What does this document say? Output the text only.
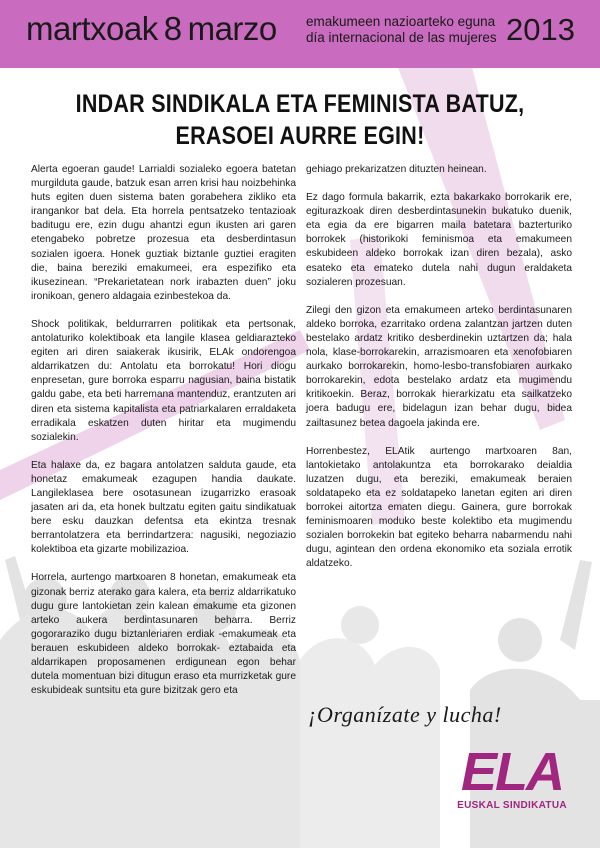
martxoak 8 marzo emakumeen nazioarteko eguna
día internacional de las mujeres 2013
INDAR SINDIKALA ETA FEMINISTA BATUZ,
ERASOEI AURRE EGIN!

Alerta egoeran gaude! Larrialdi sozialeko egoera batetan murgilduta gaude, batzuk esan arren krisi hau noizbehinka huts egiten duen sistema baten gorabehera zikliko eta irangankor bat dela. Eta horrela pentsatzeko tentazioak baditugu ere, ezin dugu ahantzi egun ikusten ari garen etengabeko pobretze prozesua eta desberdintasun sozialen igoera. Honek guztiak biztanle guztiei eragiten die, baina bereziki emakumeei, era espezifiko eta ikusezinean. “Prekarietatean nork irabazten duen” joku ironikoan, genero aldagaia ezinbestekoa da.

Shock politikak, beldurrarren politikak eta pertsonak, antolaturiko kolektiboak eta langile klasea geldiarazteko egiten ari diren saiakerak ikusirik, ELAk ondorengoa aldarrikatzen du: Antolatu eta borrokatu! Hori diogu enpresetan, gure borroka esparru nagusian, baina bistatik galdu gabe, eta beti harremana mantenduz, erantzuten ari diren eta sistema kapitalista eta patriarkalaren erraldaketa erradikala eskatzen duten hiritar eta mugimendu sozialekin.

Eta halaxe da, ez bagara antolatzen salduta gaude, eta honetaz emakumeak ezagupen handia daukate. Langileklasea bere osotasunean izugarrizko erasoak jasaten ari da, eta honek bultzatu egiten gaitu sindikatuak bere esku dauzkan defentsa eta ekintza tresnak berrantolatzera eta berrindartzera: nagusiki, negoziazio kolektiboa eta gizarte mobilizazioa.

Horrela, aurtengo martxoaren 8 honetan, emakumeak eta gizonak berriz aterako gara kalera, eta berriz aldarrikatuko dugu gure lantokietan zein kalean emakume eta gizonen arteko aukera berdintasunaren beharra. Berriz gogoraraziko dugu biztanleriaren erdiak -emakumeak eta berauen eskubideen aldeko borrokak- eztabaida eta aldarrikapen proposamenen erdigunean egon behar dutela momentuan bizi ditugun eraso eta murrizketak gure eskubideak suntsitu eta gure bizitzak gero eta

gehiago prekarizatzen dituzten heinean.

Ez dago formula bakarrik, ezta bakarkako borrokarik ere, egiturazkoak diren desberdintasunekin bukatuko duenik, eta egia da ere bigarren maila batetara bazterturiko borrokek (historikoki feminismoa eta emakumeen eskubideen aldeko borrokak izan diren bezala), asko esateko eta emateko dutela nahi dugun eraldaketa sozialeren prozesuan.

Zilegi den gizon eta emakumeen arteko berdintasunaren aldeko borroka, ezarritako ordena zalantzan jartzen duten bestelako ardatz kritiko desberdinekin uztartzen da; hala nola, klase-borrokarekin, arrazismoaren eta xenofobiaren aurkako borrokarekin, homo-lesbo-transfobiaren aurkako borrokarekin, edota bestelako ardatz eta mugimendu kritikoekin. Beraz, borrokak hierarkizatu eta sailkatzeko joera badugu ere, bidelagun izan behar dugu, bidea zailtasunez betea dagoela jakinda ere.

Horrenbestez, ELAtik aurtengo martxoaren 8an, lantokietako antolakuntza eta borrokarako deialdia luzatzen dugu, eta bereziki, emakumeak beraien soldatapeko eta ez soldatapeko lanetan egiten ari diren borrokei aitortza ematen diegu. Gainera, gure borrokak feminismoaren moduko beste kolektibo eta mugimendu sozialen borrokekin bat egiteko beharra nabarmendu nahi dugu, agintean den ordena ekonomiko eta soziala errotik aldatzeko.

¡Organízate y lucha!
ELA
EUSKAL SINDIKATUA
